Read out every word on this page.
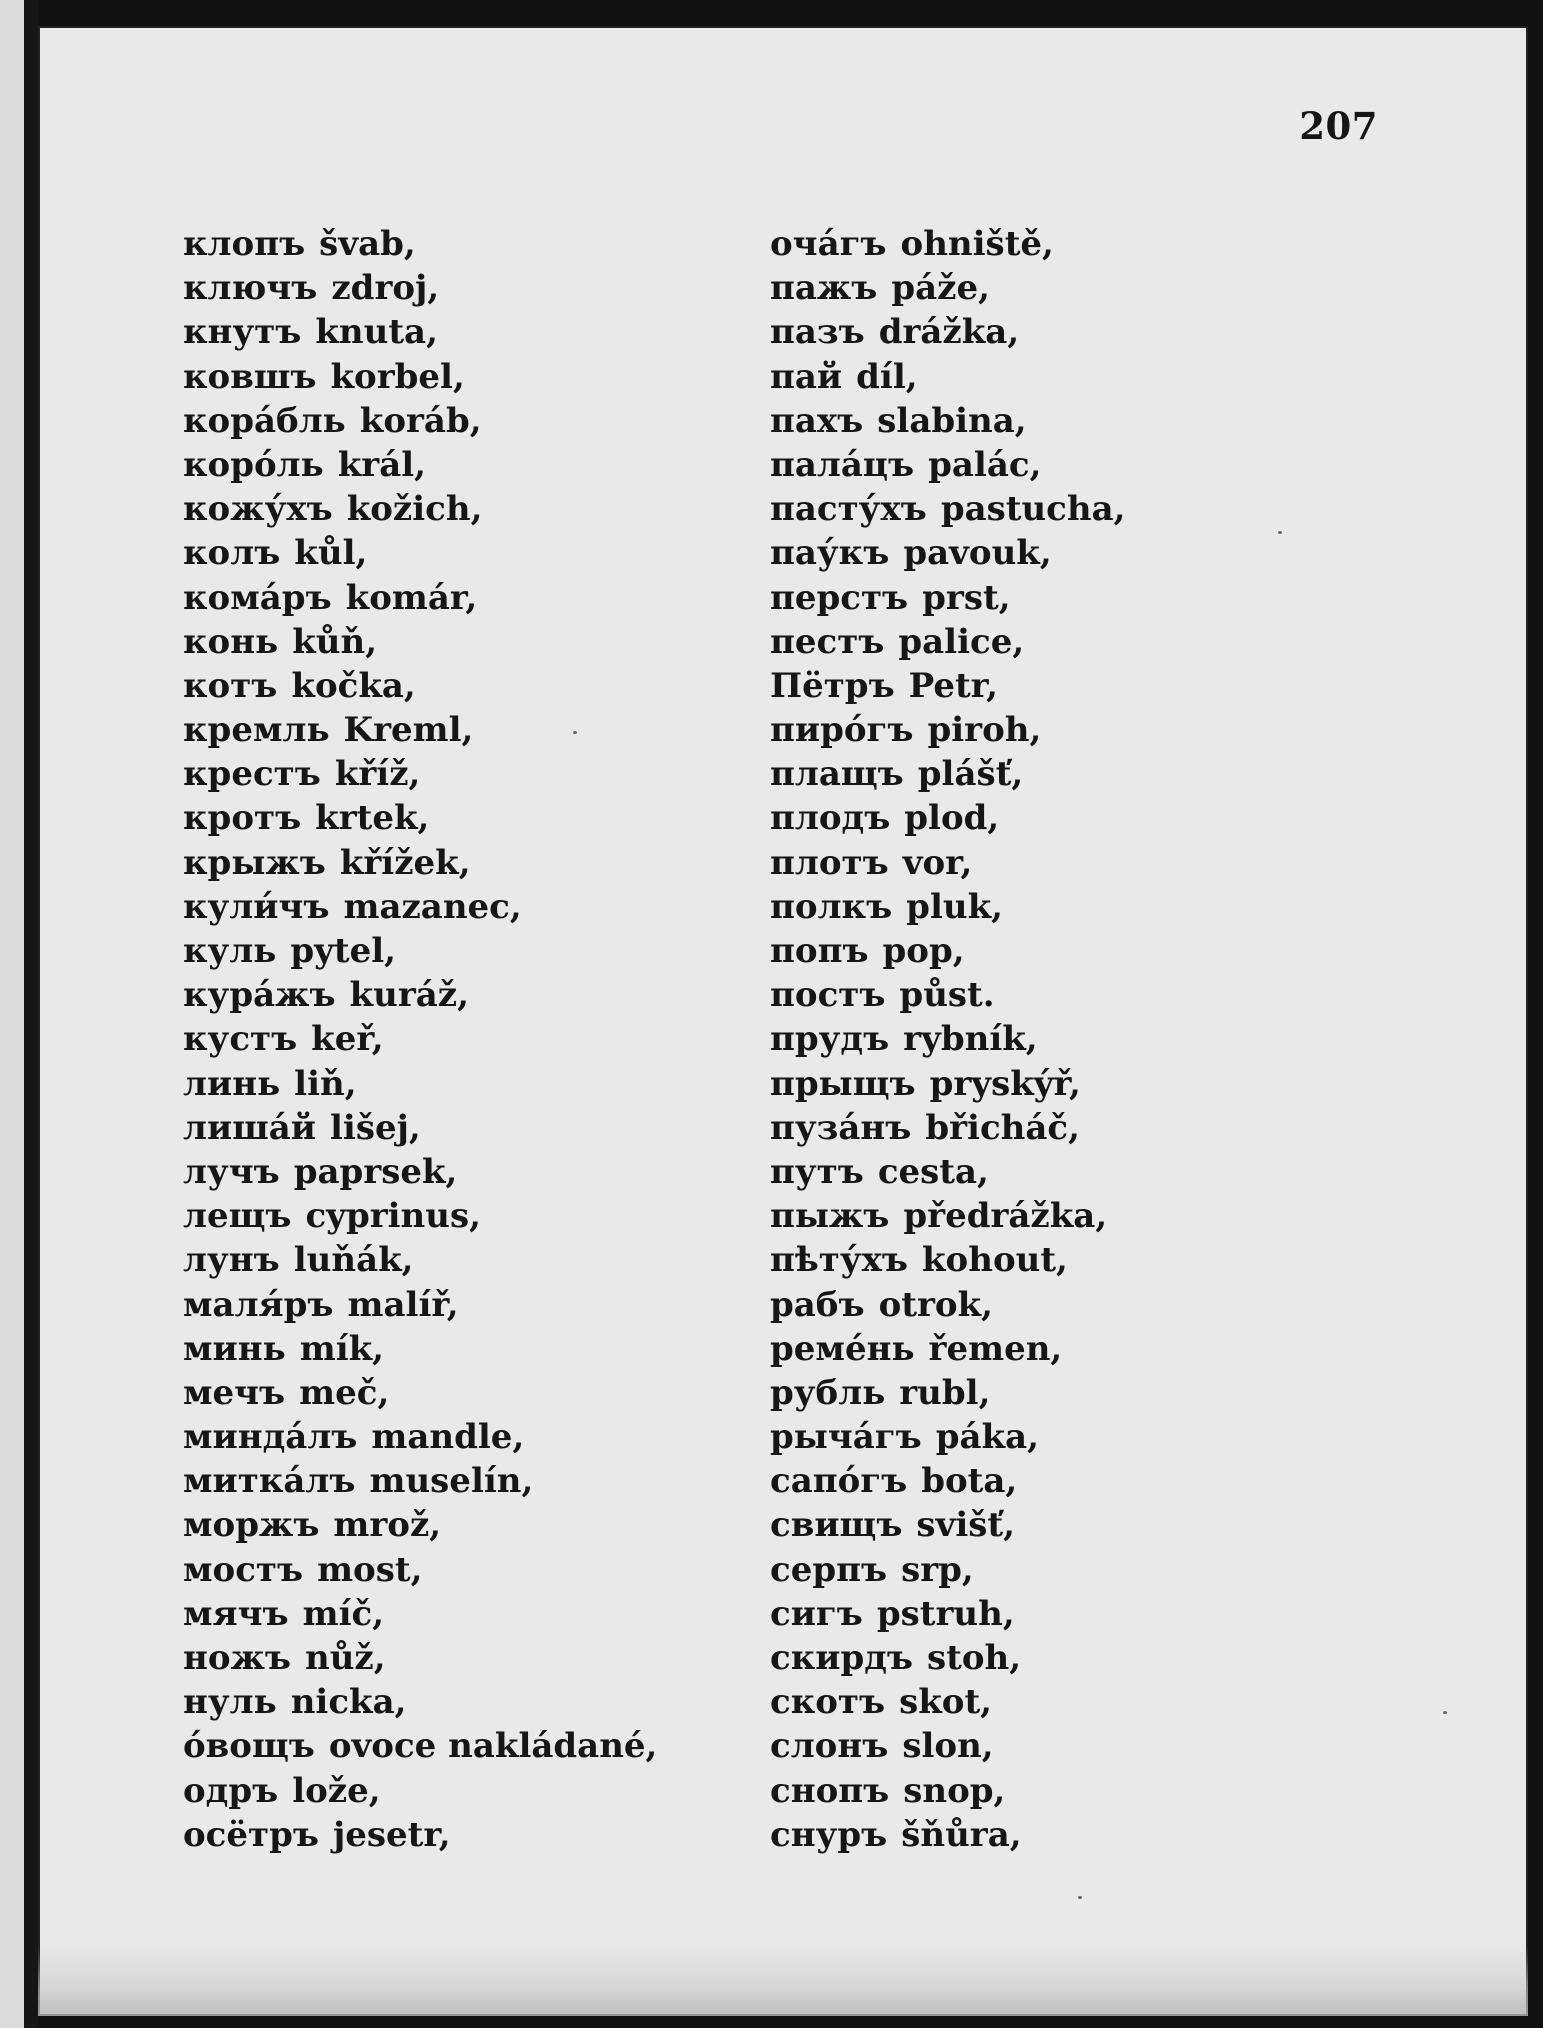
207
клопъ švab,
ключъ zdroj,
кнутъ knuta,
ковшъ korbel,
кора́бль koráb,
коро́ль král,
кожу́хъ kožich,
колъ kůl,
кома́ръ komár,
конь kůň,
котъ kočka,
кремль Kreml,
крестъ kříž,
кротъ krtek,
крыжъ křížek,
кули́чъ mazanec,
куль pytel,
кура́жъ kuráž,
кустъ keř,
линь liň,
лиша́й lišej,
лучъ paprsek,
лещъ cyprinus,
лунъ luňák,
маля́ръ malíř,
минь mík,
мечъ meč,
минда́лъ mandle,
митка́лъ muselín,
моржъ mrož,
мостъ most,
мячъ míč,
ножъ nůž,
нуль nicka,
о́вощъ ovoce nakládané,
одръ lože,
осётръ jesetr,
оча́гъ ohniště,
пажъ páže,
пазъ drážka,
пай díl,
пахъ slabina,
пала́цъ palác,
пасту́хъ pastucha,
пау́къ pavouk,
перстъ prst,
пестъ palice,
Пётръ Petr,
пиро́гъ piroh,
плащъ plášť,
плодъ plod,
плотъ vor,
полкъ pluk,
попъ pop,
постъ půst.
прудъ rybník,
прыщъ pryskýř,
пуза́нъ břicháč,
путъ cesta,
пыжъ předrážka,
пѣту́хъ kohout,
рабъ otrok,
реме́нь řemen,
рубль rubl,
рыча́гъ páka,
сапо́гъ bota,
свищъ svišť,
серпъ srp,
сигъ pstruh,
скирдъ stoh,
скотъ skot,
слонъ slon,
снопъ snop,
снуръ šňůra,
